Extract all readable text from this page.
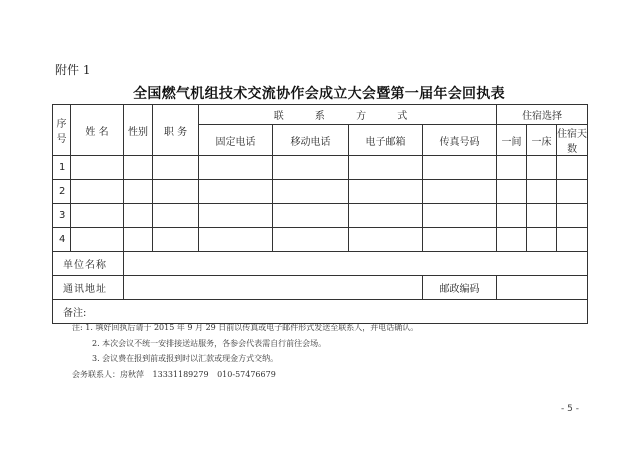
附件 1
全国燃气机组技术交流协作会成立大会暨第一届年会回执表
序号	姓 名	性别	职 务	联 系 方 式				住宿选择		
				固定电话	移动电话	电子邮箱	传真号码	一间	一床	住宿天数
1										
2										
3										
4										
单位名称										
通讯地址							邮政编码			
备注:										
注: 1. 填好回执后请于 2015 年 9 月 29 日前以传真或电子邮件形式发送至联系人，并电话确认。
2. 本次会议不统一安排接送站服务，各参会代表需自行前往会场。
3. 会议费在报到前或报到时以汇款或现金方式交纳。
会务联系人：房秋萍 13331189279 010-57476679
- 5 -
